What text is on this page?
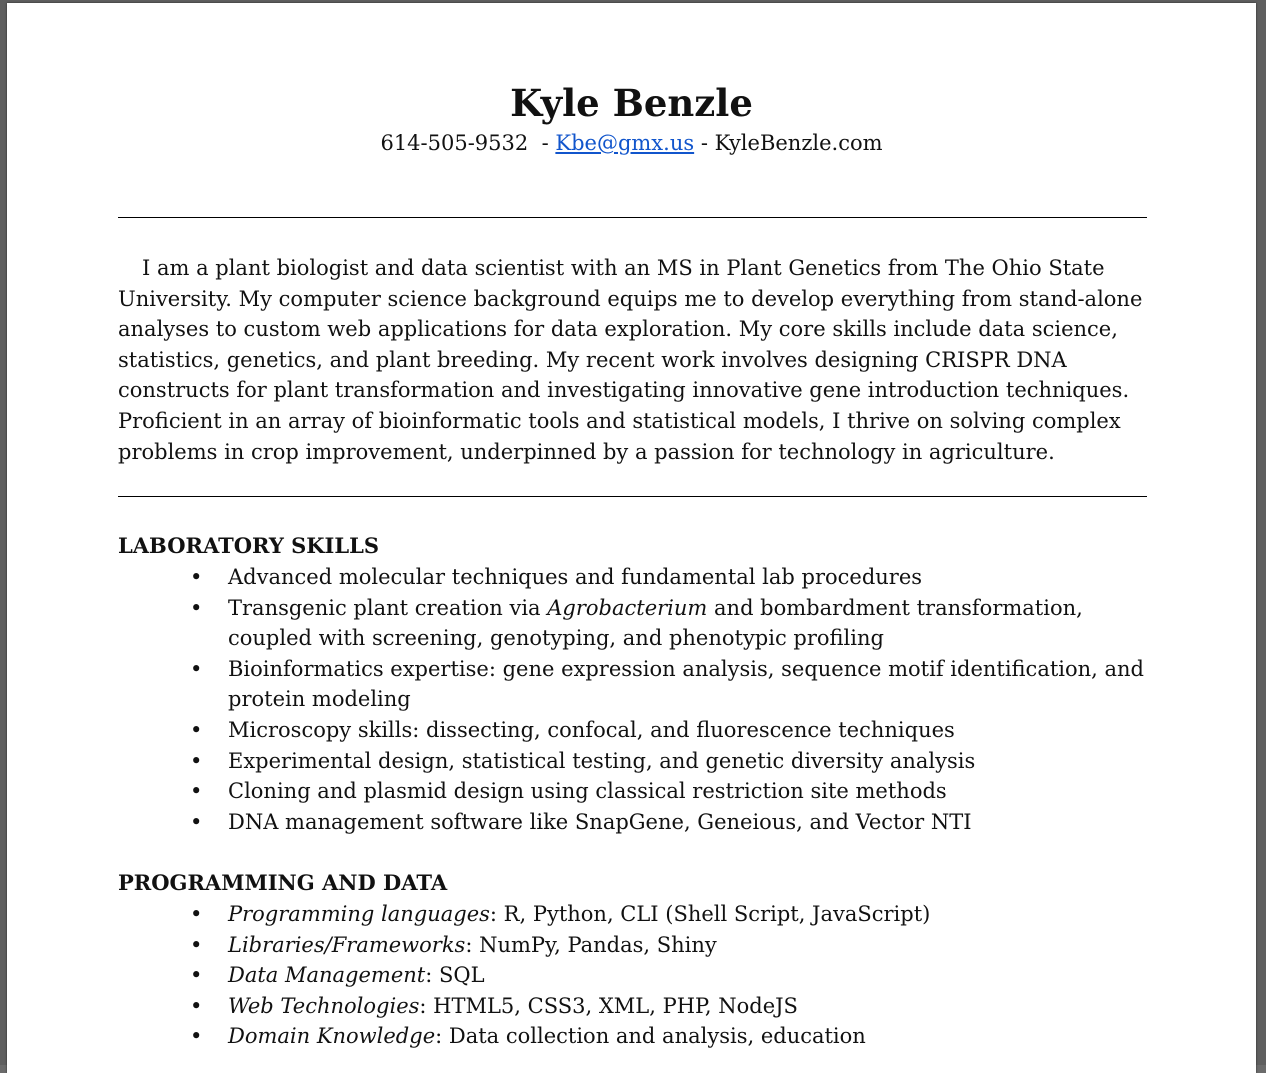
Kyle Benzle
614-505-9532  - Kbe@gmx.us - KyleBenzle.com

I am a plant biologist and data scientist with an MS in Plant Genetics from The Ohio State University. My computer science background equips me to develop everything from stand-alone analyses to custom web applications for data exploration. My core skills include data science, statistics, genetics, and plant breeding. My recent work involves designing CRISPR DNA constructs for plant transformation and investigating innovative gene introduction techniques. Proficient in an array of bioinformatic tools and statistical models, I thrive on solving complex problems in crop improvement, underpinned by a passion for technology in agriculture.

LABORATORY SKILLS
• Advanced molecular techniques and fundamental lab procedures
• Transgenic plant creation via Agrobacterium and bombardment transformation, coupled with screening, genotyping, and phenotypic profiling
• Bioinformatics expertise: gene expression analysis, sequence motif identification, and protein modeling
• Microscopy skills: dissecting, confocal, and fluorescence techniques
• Experimental design, statistical testing, and genetic diversity analysis
• Cloning and plasmid design using classical restriction site methods
• DNA management software like SnapGene, Geneious, and Vector NTI
PROGRAMMING AND DATA
• Programming languages: R, Python, CLI (Shell Script, JavaScript)
• Libraries/Frameworks: NumPy, Pandas, Shiny
• Data Management: SQL
• Web Technologies: HTML5, CSS3, XML, PHP, NodeJS
• Domain Knowledge: Data collection and analysis, education
